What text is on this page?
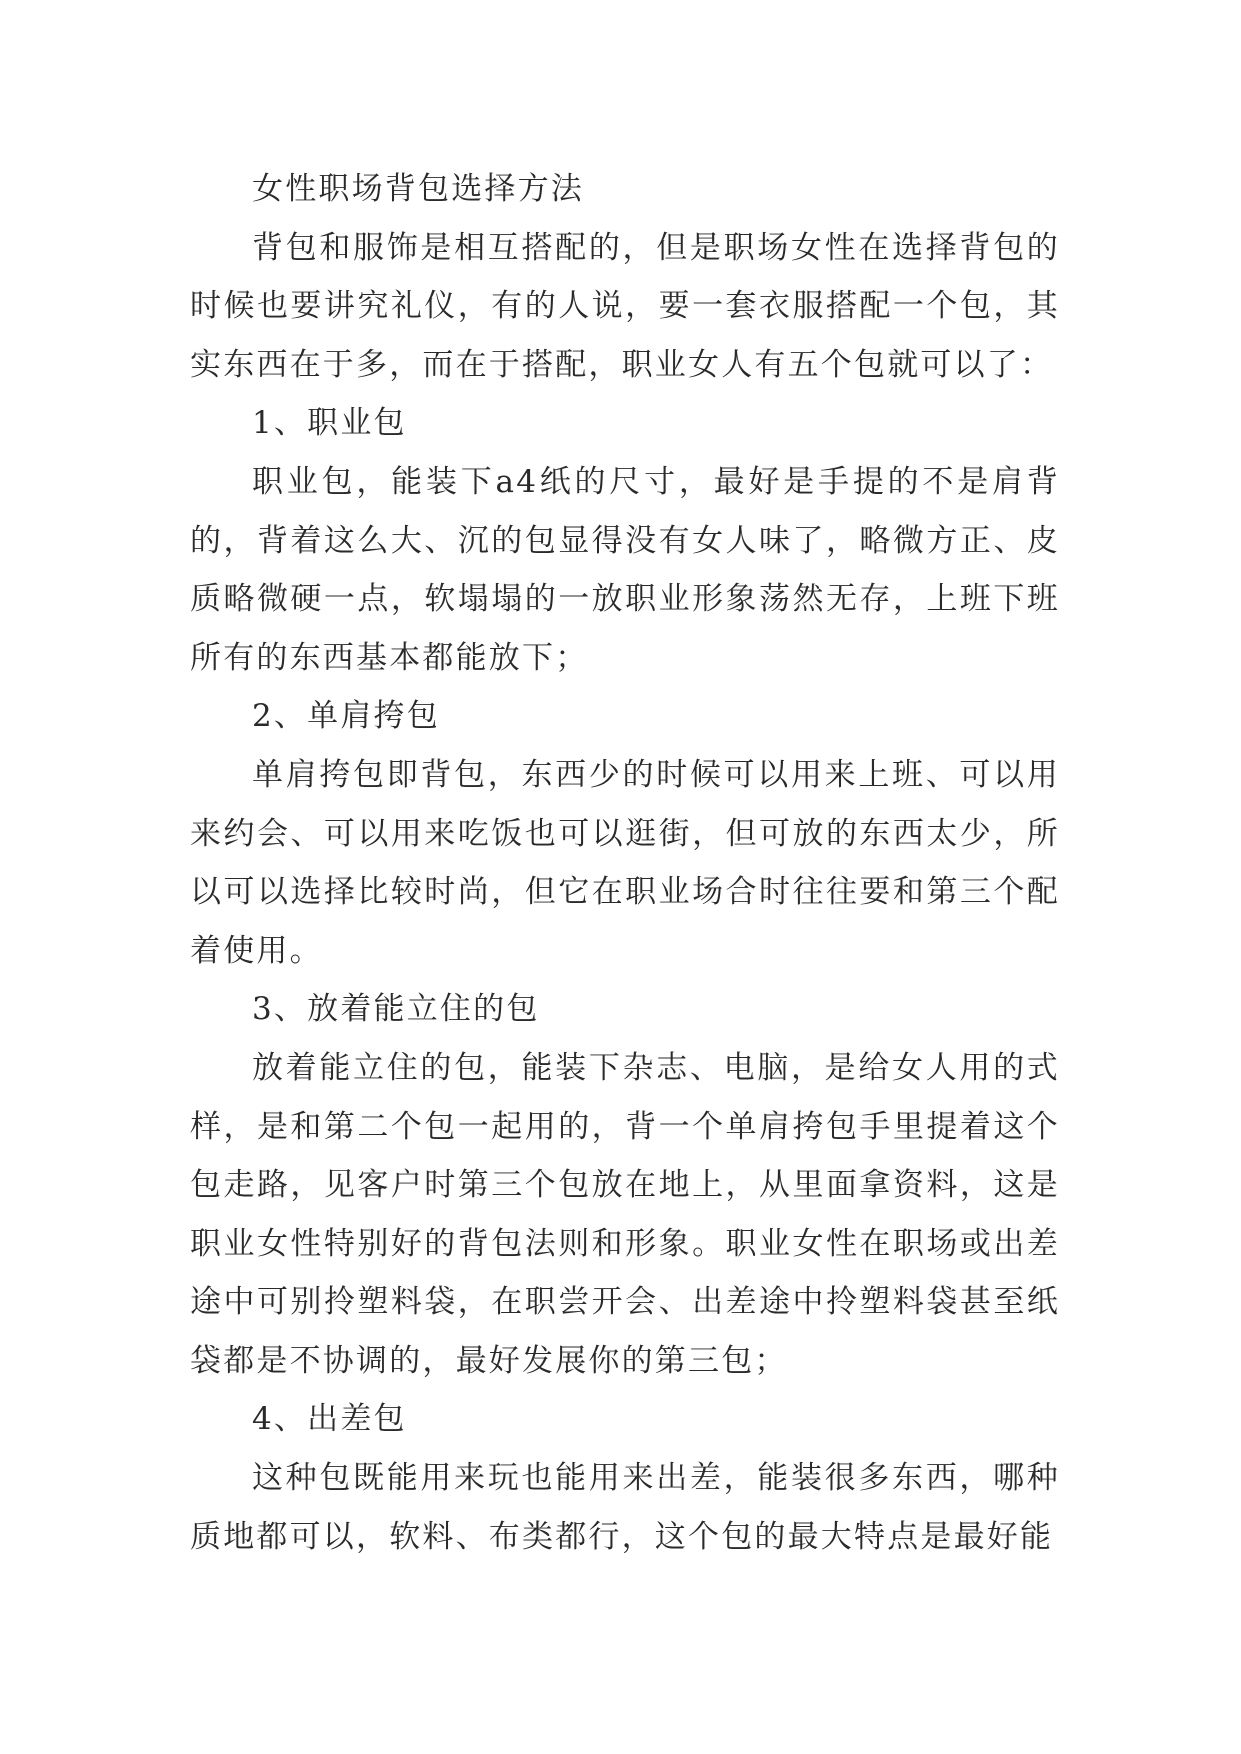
女性职场背包选择方法

背包和服饰是相互搭配的，但是职场女性在选择背包的时候也要讲究礼仪，有的人说，要一套衣服搭配一个包，其实东西在于多，而在于搭配，职业女人有五个包就可以了：

1、职业包

职业包，能装下a4纸的尺寸，最好是手提的不是肩背的，背着这么大、沉的包显得没有女人味了，略微方正、皮质略微硬一点，软塌塌的一放职业形象荡然无存，上班下班所有的东西基本都能放下；

2、单肩挎包

单肩挎包即背包，东西少的时候可以用来上班、可以用来约会、可以用来吃饭也可以逛街，但可放的东西太少，所以可以选择比较时尚，但它在职业场合时往往要和第三个配着使用。

3、放着能立住的包

放着能立住的包，能装下杂志、电脑，是给女人用的式样，是和第二个包一起用的，背一个单肩挎包手里提着这个包走路，见客户时第三个包放在地上，从里面拿资料，这是职业女性特别好的背包法则和形象。职业女性在职场或出差途中可别拎塑料袋，在职尝开会、出差途中拎塑料袋甚至纸袋都是不协调的，最好发展你的第三包；

4、出差包

这种包既能用来玩也能用来出差，能装很多东西，哪种质地都可以，软料、布类都行，这个包的最大特点是最好能
